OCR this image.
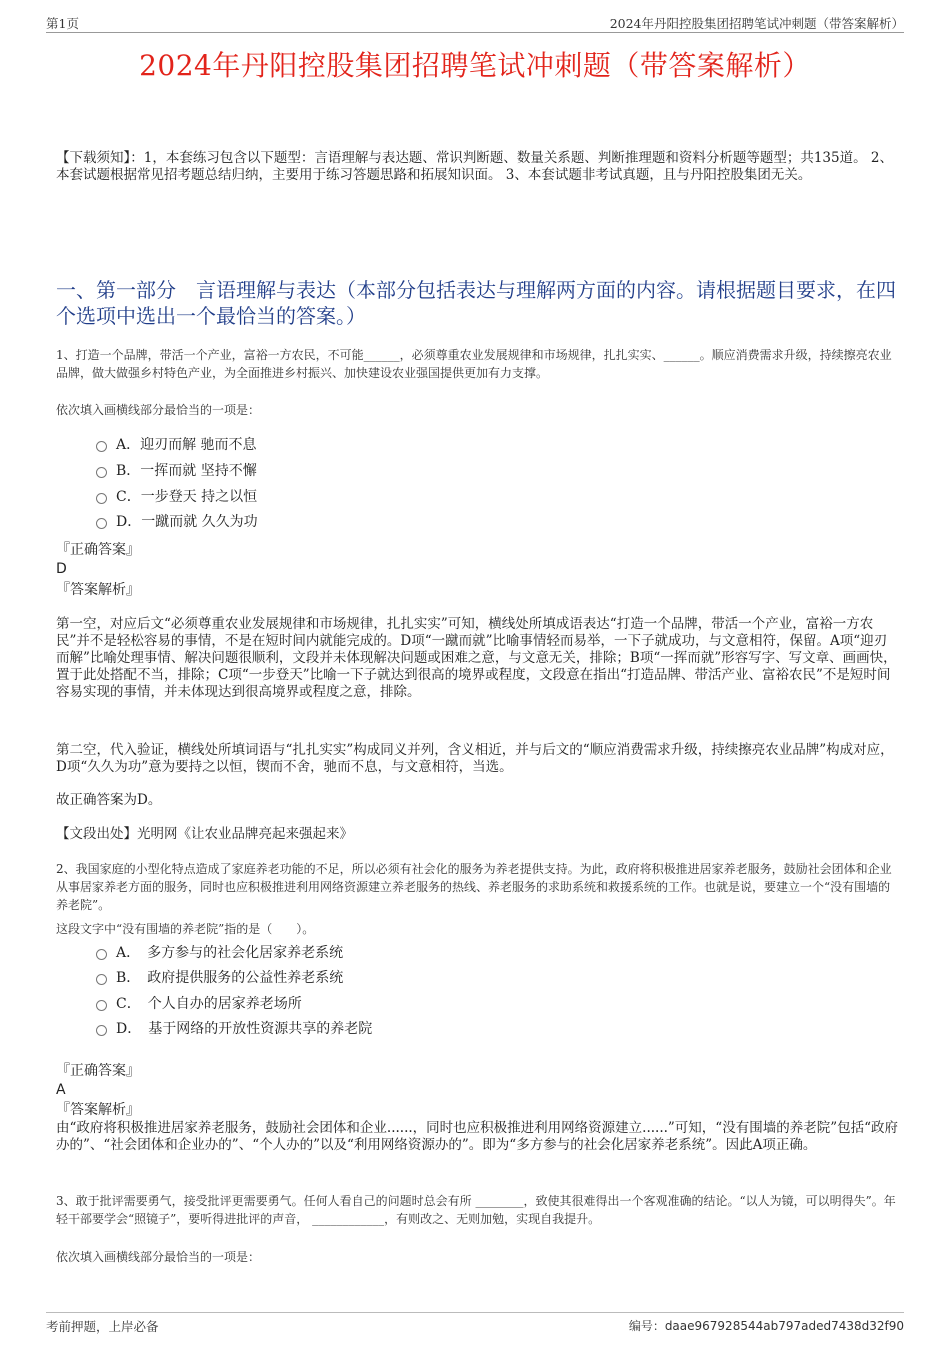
第1页	2024年丹阳控股集团招聘笔试冲刺题（带答案解析）
2024年丹阳控股集团招聘笔试冲刺题（带答案解析）
【下载须知】：1，本套练习包含以下题型：言语理解与表达题、常识判断题、数量关系题、判断推理题和资料分析题等题型；共135道。 2、本套试题根据常见招考题总结归纳，主要用于练习答题思路和拓展知识面。 3、本套试题非考试真题，且与丹阳控股集团无关。
一、第一部分　言语理解与表达（本部分包括表达与理解两方面的内容。请根据题目要求，在四个选项中选出一个最恰当的答案。）
1、打造一个品牌，带活一个产业，富裕一方农民，不可能______，必须尊重农业发展规律和市场规律，扎扎实实、______。顺应消费需求升级，持续擦亮农业品牌，做大做强乡村特色产业，为全面推进乡村振兴、加快建设农业强国提供更加有力支撑。
依次填入画横线部分最恰当的一项是：
A．迎刃而解 驰而不息
B．一挥而就 坚持不懈
C．一步登天 持之以恒
D．一蹴而就 久久为功
『正确答案』
D
『答案解析』
第一空，对应后文“必须尊重农业发展规律和市场规律，扎扎实实”可知，横线处所填成语表达“打造一个品牌，带活一个产业，富裕一方农民”并不是轻松容易的事情，不是在短时间内就能完成的。D项“一蹴而就”比喻事情轻而易举，一下子就成功，与文意相符，保留。A项“迎刃而解”比喻处理事情、解决问题很顺利，文段并未体现解决问题或困难之意，与文意无关，排除；B项“一挥而就”形容写字、写文章、画画快，置于此处搭配不当，排除；C项“一步登天”比喻一下子就达到很高的境界或程度，文段意在指出“打造品牌、带活产业、富裕农民”不是短时间容易实现的事情，并未体现达到很高境界或程度之意，排除。
第二空，代入验证，横线处所填词语与“扎扎实实”构成同义并列，含义相近，并与后文的“顺应消费需求升级，持续擦亮农业品牌”构成对应，D项“久久为功”意为要持之以恒，锲而不舍，驰而不息，与文意相符，当选。
故正确答案为D。
【文段出处】光明网《让农业品牌亮起来强起来》
2、我国家庭的小型化特点造成了家庭养老功能的不足，所以必须有社会化的服务为养老提供支持。为此，政府将积极推进居家养老服务，鼓励社会团体和企业从事居家养老方面的服务，同时也应积极推进利用网络资源建立养老服务的热线、养老服务的求助系统和救援系统的工作。也就是说，要建立一个“没有围墙的养老院”。
这段文字中“没有围墙的养老院”指的是（　　）。
A．　多方参与的社会化居家养老系统
B．　政府提供服务的公益性养老系统
C．　个人自办的居家养老场所
D．　基于网络的开放性资源共享的养老院
『正确答案』
A
『答案解析』
由“政府将积极推进居家养老服务，鼓励社会团体和企业......，同时也应积极推进利用网络资源建立......”可知，“没有围墙的养老院”包括“政府办的”、“社会团体和企业办的”、“个人办的”以及“利用网络资源办的”。即为“多方参与的社会化居家养老系统”。因此A项正确。
3、敢于批评需要勇气，接受批评更需要勇气。任何人看自己的问题时总会有所 ________，致使其很难得出一个客观准确的结论。“以人为镜，可以明得失”。年轻干部要学会“照镜子”，要听得进批评的声音， ____________，有则改之、无则加勉，实现自我提升。
依次填入画横线部分最恰当的一项是：
考前押题，上岸必备	编号：daae967928544ab797aded7438d32f90
